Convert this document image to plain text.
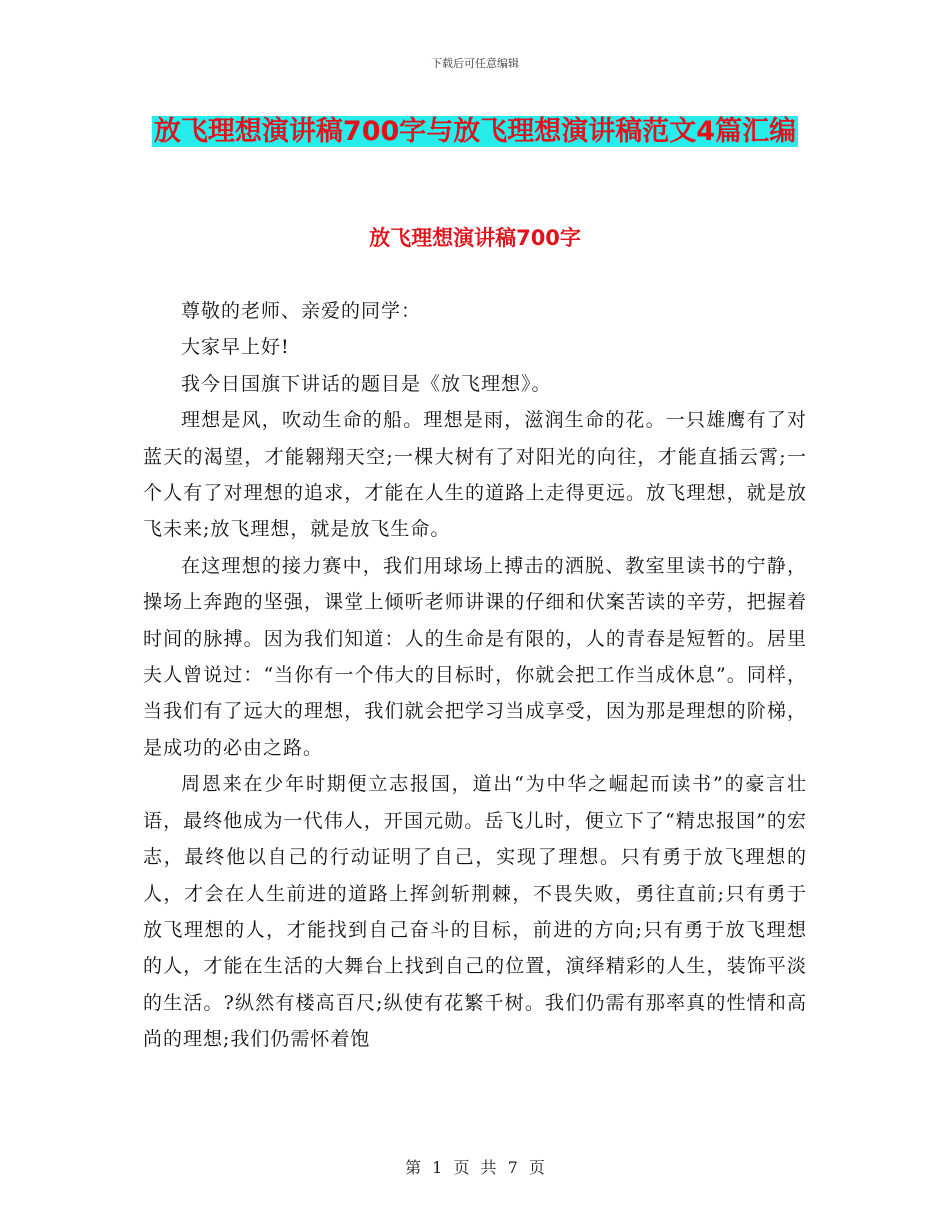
下载后可任意编辑
放飞理想演讲稿700字与放飞理想演讲稿范文4篇汇编
放飞理想演讲稿700字

尊敬的老师、亲爱的同学：

大家早上好!

我今日国旗下讲话的题目是《放飞理想》。

理想是风，吹动生命的船。理想是雨，滋润生命的花。一只雄鹰有了对蓝天的渴望，才能翱翔天空;一棵大树有了对阳光的向往，才能直插云霄;一个人有了对理想的追求，才能在人生的道路上走得更远。放飞理想，就是放飞未来;放飞理想，就是放飞生命。

在这理想的接力赛中，我们用球场上搏击的洒脱、教室里读书的宁静，操场上奔跑的坚强，课堂上倾听老师讲课的仔细和伏案苦读的辛劳，把握着时间的脉搏。因为我们知道：人的生命是有限的，人的青春是短暂的。居里夫人曾说过：“当你有一个伟大的目标时，你就会把工作当成休息”。同样，当我们有了远大的理想，我们就会把学习当成享受，因为那是理想的阶梯，是成功的必由之路。

周恩来在少年时期便立志报国，道出“为中华之崛起而读书”的豪言壮语，最终他成为一代伟人，开国元勋。岳飞儿时，便立下了“精忠报国”的宏志，最终他以自己的行动证明了自己，实现了理想。只有勇于放飞理想的人，才会在人生前进的道路上挥剑斩荆棘，不畏失败，勇往直前;只有勇于放飞理想的人，才能找到自己奋斗的目标，前进的方向;只有勇于放飞理想的人，才能在生活的大舞台上找到自己的位置，演绎精彩的人生，装饰平淡的生活。?纵然有楼高百尺;纵使有花繁千树。我们仍需有那率真的性情和高尚的理想;我们仍需怀着饱

第 1 页 共 7 页
